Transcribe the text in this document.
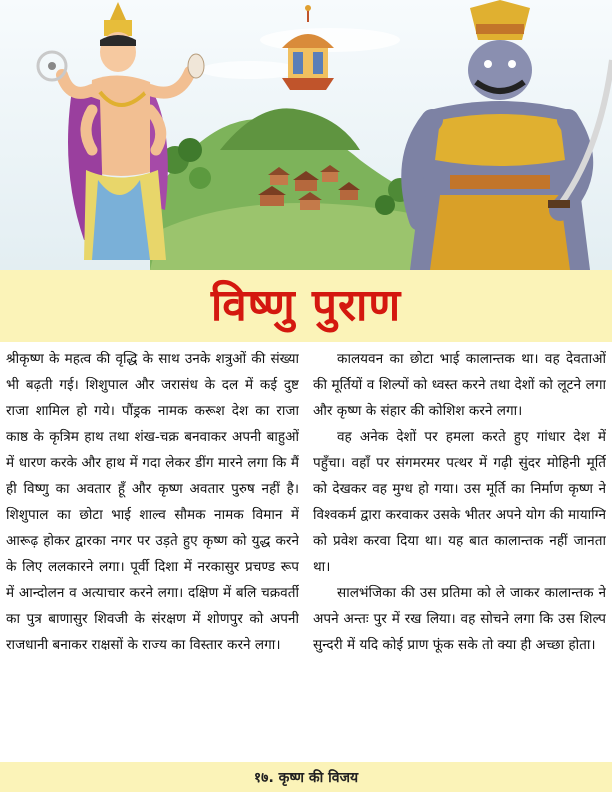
विष्णु पुराण

श्रीकृष्ण के महत्व की वृद्धि के साथ उनके शत्रुओं की संख्या भी बढ़ती गई। शिशुपाल और जरासंध के दल में कई दुष्ट राजा शामिल हो गये। पौंड्रक नामक करूश देश का राजा काष्ठ के कृत्रिम हाथ तथा शंख-चक्र बनवाकर अपनी बाहुओं में धारण करके और हाथ में गदा लेकर डींग मारने लगा कि मैं ही विष्णु का अवतार हूँ और कृष्ण अवतार पुरुष नहीं है। शिशुपाल का छोटा भाई शाल्व सौमक नामक विमान में आरूढ़ होकर द्वारका नगर पर उड़ते हुए कृष्ण को युद्ध करने के लिए ललकारने लगा। पूर्वी दिशा में नरकासुर प्रचण्ड रूप में आन्दोलन व अत्याचार करने लगा। दक्षिण में बलि चक्रवर्ती का पुत्र बाणासुर शिवजी के संरक्षण में शोणपुर को अपनी राजधानी बनाकर राक्षसों के राज्य का विस्तार करने लगा।

कालयवन का छोटा भाई कालान्तक था। वह देवताओं की मूर्तियों व शिल्पों को ध्वस्त करने तथा देशों को लूटने लगा और कृष्ण के संहार की कोशिश करने लगा।

वह अनेक देशों पर हमला करते हुए गांधार देश में पहुँचा। वहाँ पर संगमरमर पत्थर में गढ़ी सुंदर मोहिनी मूर्ति को देखकर वह मुग्ध हो गया। उस मूर्ति का निर्माण कृष्ण ने विश्वकर्म द्वारा करवाकर उसके भीतर अपने योग की मायाग्नि को प्रवेश करवा दिया था। यह बात कालान्तक नहीं जानता था।

सालभंजिका की उस प्रतिमा को ले जाकर कालान्तक ने अपने अन्तः पुर में रख लिया। वह सोचने लगा कि उस शिल्प सुन्दरी में यदि कोई प्राण फूंक सके तो क्या ही अच्छा होता।

१७. कृष्ण की विजय
